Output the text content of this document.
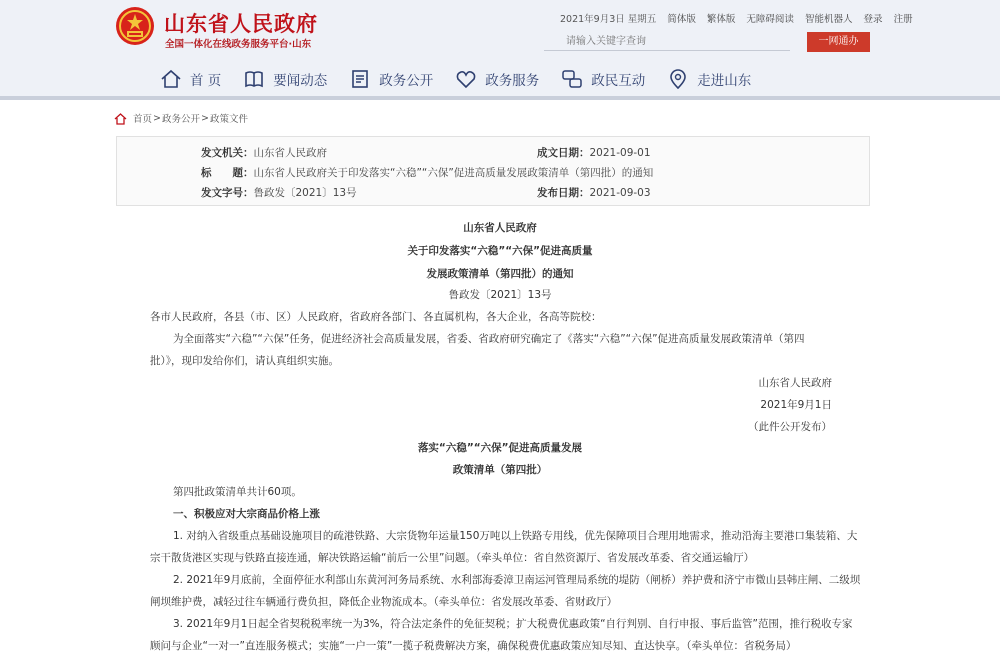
山东省人民政府
全国一体化在线政务服务平台·山东
2021年9月3日 星期五 简体版 繁体版 无障碍阅读 智能机器人 登录 注册
请输入关键字查询
一网通办
首 页	要闻动态	政务公开	政务服务	政民互动	走进山东
首页 > 政务公开 > 政策文件
发文机关：山东省人民政府	成文日期：2021-09-01
标　　题：山东省人民政府关于印发落实“六稳”“六保”促进高质量发展政策清单（第四批）的通知
发文字号：鲁政发〔2021〕13号	发布日期：2021-09-03
山东省人民政府
关于印发落实“六稳”“六保”促进高质量
发展政策清单（第四批）的通知
鲁政发〔2021〕13号
各市人民政府，各县（市、区）人民政府，省政府各部门、各直属机构，各大企业，各高等院校：
为全面落实“六稳”“六保”任务，促进经济社会高质量发展，省委、省政府研究确定了《落实“六稳”“六保”促进高质量发展政策清单（第四
批）》，现印发给你们，请认真组织实施。
山东省人民政府
2021年9月1日
（此件公开发布）
落实“六稳”“六保”促进高质量发展
政策清单（第四批）
第四批政策清单共计60项。
一、积极应对大宗商品价格上涨
1. 对纳入省级重点基础设施项目的疏港铁路、大宗货物年运量150万吨以上铁路专用线，优先保障项目合理用地需求，推动沿海主要港口集装箱、大
宗干散货港区实现与铁路直接连通，解决铁路运输“前后一公里”问题。（牵头单位：省自然资源厅、省发展改革委、省交通运输厅）
2. 2021年9月底前，全面停征水利部山东黄河河务局系统、水利部海委漳卫南运河管理局系统的堤防（闸桥）养护费和济宁市微山县韩庄闸、二级坝
闸坝维护费，减轻过往车辆通行费负担，降低企业物流成本。（牵头单位：省发展改革委、省财政厅）
3. 2021年9月1日起全省契税税率统一为3%，符合法定条件的免征契税；扩大税费优惠政策“自行判别、自行申报、事后监管”范围，推行税收专家
顾问与企业“一对一”直连服务模式；实施“一户一策”一揽子税费解决方案，确保税费优惠政策应知尽知、直达快享。（牵头单位：省税务局）
